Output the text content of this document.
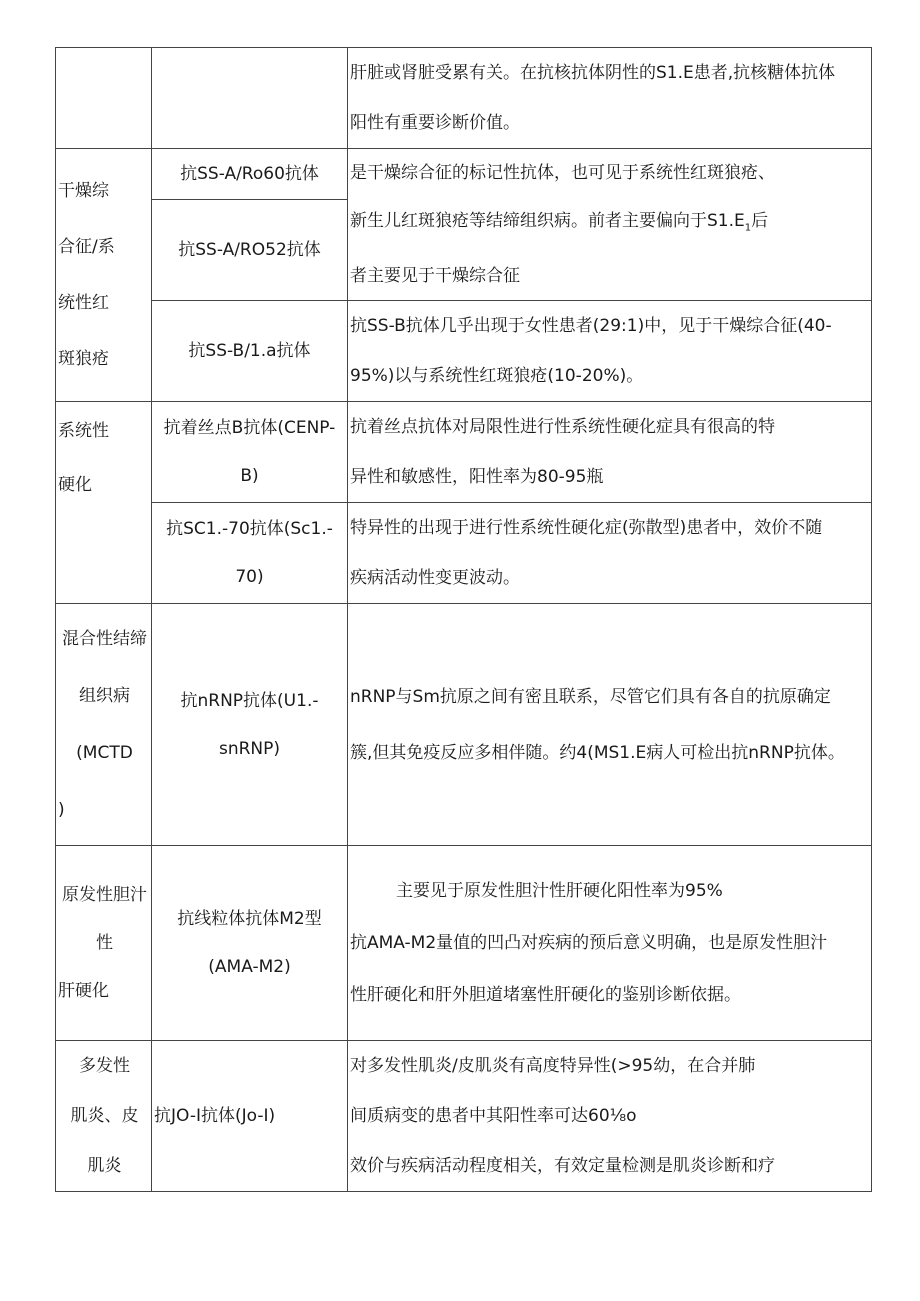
		肝脏或肾脏受累有关。在抗核抗体阴性的S1.E患者,抗核糖体抗体
阳性有重要诊断价值。

干燥综
合征/系
统性红
斑狼疮	抗SS-A/Ro60抗体	是干燥综合征的标记性抗体，也可见于系统性红斑狼疮、
新生儿红斑狼疮等结缔组织病。前者主要偏向于$S1.E_1$后
者主要见于干燥综合征

	抗SS-A/RO52抗体	

	抗SS-B/1.a抗体	抗SS-B抗体几乎出现于女性患者(29:1)中，见于干燥综合征(40-
95%)以与系统性红斑狼疮(10-20%)。

系统性
硬化	抗着丝点B抗体(CENP-
B)	抗着丝点抗体对局限性进行性系统性硬化症具有很高的特
异性和敏感性，阳性率为80-95瓶

	抗SC1.-70抗体(Sc1.-
70)	特异性的出现于进行性系统性硬化症(弥散型)患者中，效价不随
疾病活动性变更波动。

混合性结缔
组织病
(MCTD
)	抗nRNP抗体(U1.-
snRNP)	nRNP与Sm抗原之间有密且联系，尽管它们具有各自的抗原确定
簇,但其免疫反应多相伴随。约4(MS1.E病人可检出抗nRNP抗体。

原发性胆汁
性
肝硬化	抗线粒体抗体M2型
(AMA-M2)	主要见于原发性胆汁性肝硬化阳性率为95%
抗AMA-M2量值的凹凸对疾病的预后意义明确，也是原发性胆汁
性肝硬化和肝外胆道堵塞性肝硬化的鉴别诊断依据。

多发性
肌炎、皮
肌炎	抗JO-I抗体(Jo-I)	对多发性肌炎/皮肌炎有高度特异性(>95幼，在合并肺
间质病变的患者中其阳性率可达60⅛o
效价与疾病活动程度相关，有效定量检测是肌炎诊断和疗
